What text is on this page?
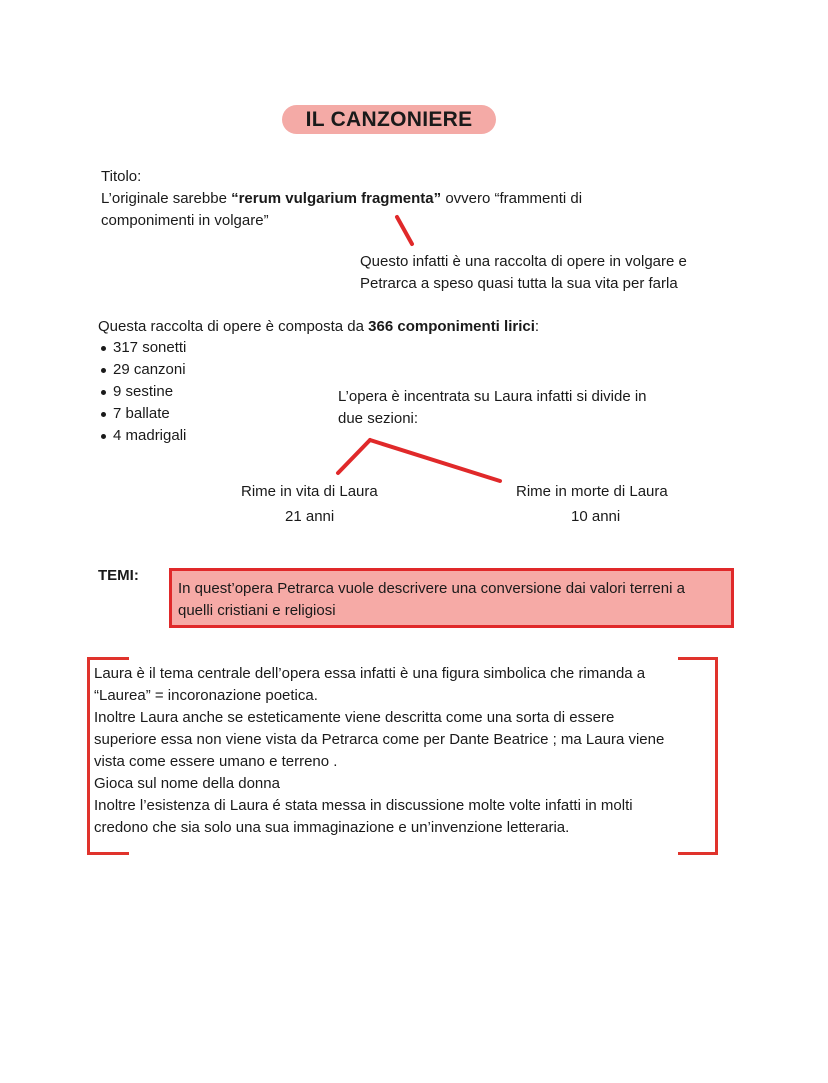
IL CANZONIERE
Titolo:
L’originale sarebbe “rerum vulgarium fragmenta” ovvero “frammenti di
componimenti in volgare”
Questo infatti è una raccolta di opere in volgare e
Petrarca a speso quasi tutta la sua vita per farla
Questa raccolta di opere è composta da 366 componimenti lirici:
317 sonetti
29 canzoni
9 sestine
7 ballate
4 madrigali
L’opera è incentrata su Laura infatti si divide in
due sezioni:
Rime in vita di Laura
21 anni
Rime in morte di Laura
10 anni
TEMI:
In quest’opera Petrarca vuole descrivere una conversione dai valori terreni a
quelli cristiani e religiosi
Laura è il tema centrale dell’opera essa infatti è una figura simbolica che rimanda a
“Laurea” = incoronazione poetica.
Inoltre Laura anche se esteticamente viene descritta come una sorta di essere
superiore essa non viene vista da Petrarca come per Dante Beatrice ; ma Laura viene
vista come essere umano e terreno .
Gioca sul nome della donna
Inoltre l’esistenza di Laura é stata messa in discussione molte volte infatti in molti
credono che sia solo una sua immaginazione e un’invenzione letteraria.
